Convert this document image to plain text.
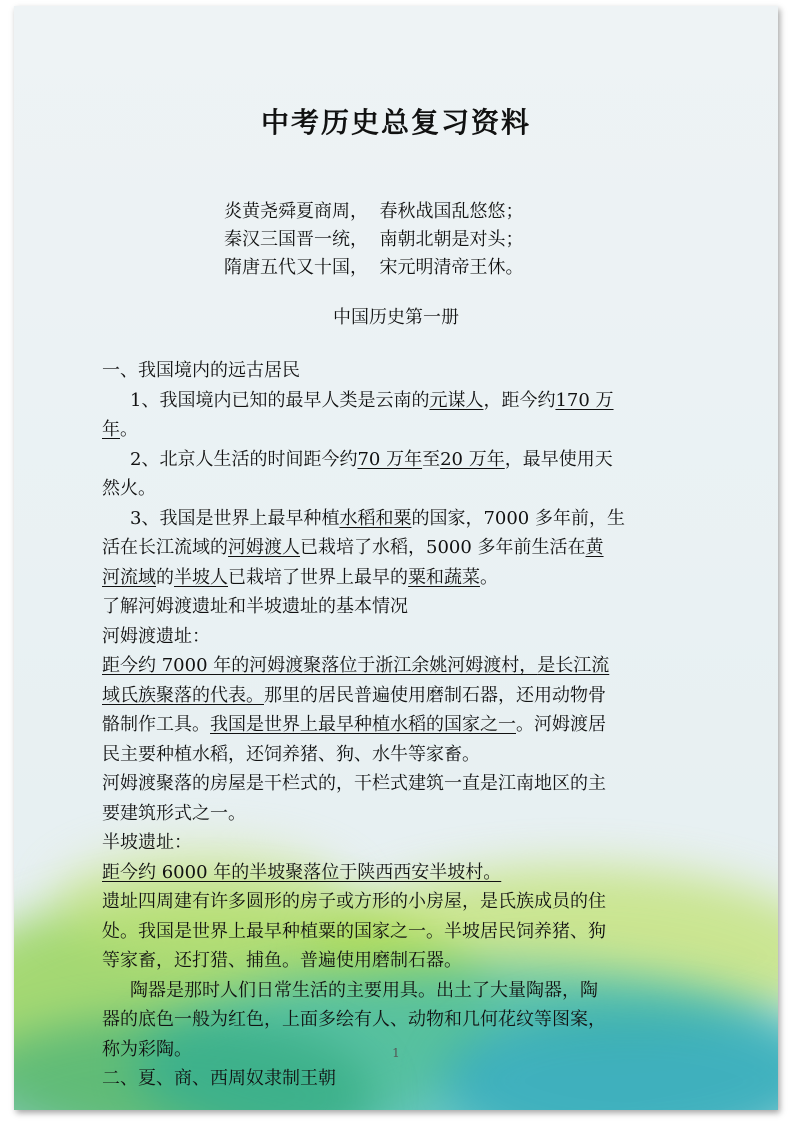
中考历史总复习资料
炎黄尧舜夏商周，  春秋战国乱悠悠；
秦汉三国晋一统，  南朝北朝是对头；
隋唐五代又十国，  宋元明清帝王休。
中国历史第一册
一、我国境内的远古居民
1、我国境内已知的最早人类是云南的元谋人，距今约170 万
年。
2、北京人生活的时间距今约70 万年至20 万年，最早使用天
然火。
3、我国是世界上最早种植水稻和粟的国家，7000 多年前，生
活在长江流域的河姆渡人已栽培了水稻，5000 多年前生活在黄
河流域的半坡人已栽培了世界上最早的粟和蔬菜。
了解河姆渡遗址和半坡遗址的基本情况
河姆渡遗址：
距今约 7000 年的河姆渡聚落位于浙江余姚河姆渡村，是长江流
域氏族聚落的代表。那里的居民普遍使用磨制石器，还用动物骨
骼制作工具。我国是世界上最早种植水稻的国家之一。河姆渡居
民主要种植水稻，还饲养猪、狗、水牛等家畜。
河姆渡聚落的房屋是干栏式的，干栏式建筑一直是江南地区的主
要建筑形式之一。
半坡遗址：
距今约 6000 年的半坡聚落位于陕西西安半坡村。
遗址四周建有许多圆形的房子或方形的小房屋，是氏族成员的住
处。我国是世界上最早种植粟的国家之一。半坡居民饲养猪、狗
等家畜，还打猎、捕鱼。普遍使用磨制石器。
陶器是那时人们日常生活的主要用具。出土了大量陶器，陶
器的底色一般为红色，上面多绘有人、动物和几何花纹等图案，
称为彩陶。
二、夏、商、西周奴隶制王朝
1
